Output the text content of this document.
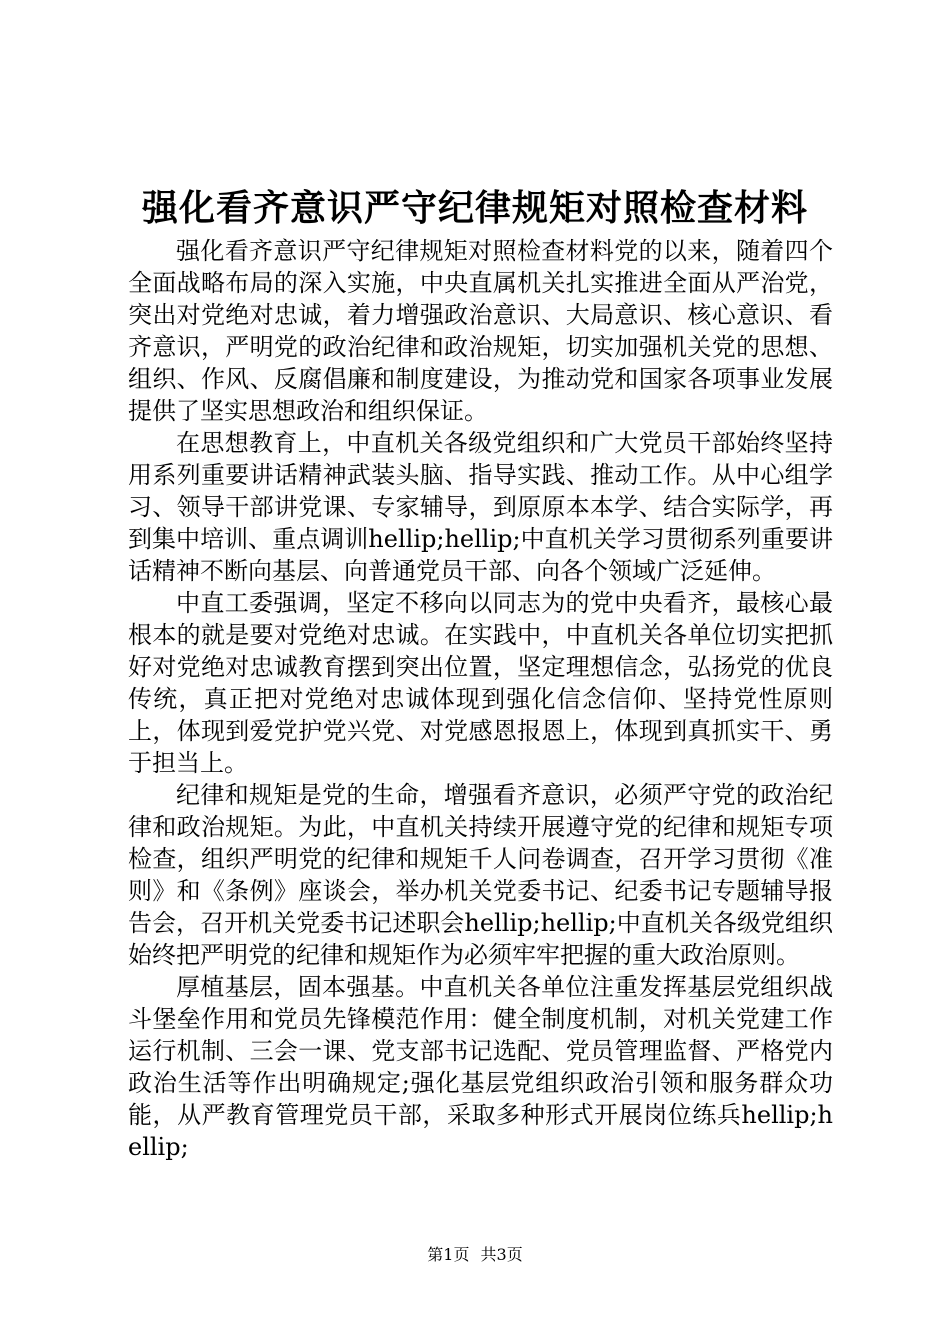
强化看齐意识严守纪律规矩对照检查材料

强化看齐意识严守纪律规矩对照检查材料党的以来，随着四个全面战略布局的深入实施，中央直属机关扎实推进全面从严治党，突出对党绝对忠诚，着力增强政治意识、大局意识、核心意识、看齐意识，严明党的政治纪律和政治规矩，切实加强机关党的思想、组织、作风、反腐倡廉和制度建设，为推动党和国家各项事业发展提供了坚实思想政治和组织保证。

在思想教育上，中直机关各级党组织和广大党员干部始终坚持用系列重要讲话精神武装头脑、指导实践、推动工作。从中心组学习、领导干部讲党课、专家辅导，到原原本本学、结合实际学，再到集中培训、重点调训hellip;hellip;中直机关学习贯彻系列重要讲话精神不断向基层、向普通党员干部、向各个领域广泛延伸。

中直工委强调，坚定不移向以同志为的党中央看齐，最核心最根本的就是要对党绝对忠诚。在实践中，中直机关各单位切实把抓好对党绝对忠诚教育摆到突出位置，坚定理想信念，弘扬党的优良传统，真正把对党绝对忠诚体现到强化信念信仰、坚持党性原则上，体现到爱党护党兴党、对党感恩报恩上，体现到真抓实干、勇于担当上。

纪律和规矩是党的生命，增强看齐意识，必须严守党的政治纪律和政治规矩。为此，中直机关持续开展遵守党的纪律和规矩专项检查，组织严明党的纪律和规矩千人问卷调查，召开学习贯彻《准则》和《条例》座谈会，举办机关党委书记、纪委书记专题辅导报告会，召开机关党委书记述职会hellip;hellip;中直机关各级党组织始终把严明党的纪律和规矩作为必须牢牢把握的重大政治原则。

厚植基层，固本强基。中直机关各单位注重发挥基层党组织战斗堡垒作用和党员先锋模范作用：健全制度机制，对机关党建工作运行机制、三会一课、党支部书记选配、党员管理监督、严格党内政治生活等作出明确规定;强化基层党组织政治引领和服务群众功能，从严教育管理党员干部，采取多种形式开展岗位练兵hellip;hellip;

第1页 共3页
